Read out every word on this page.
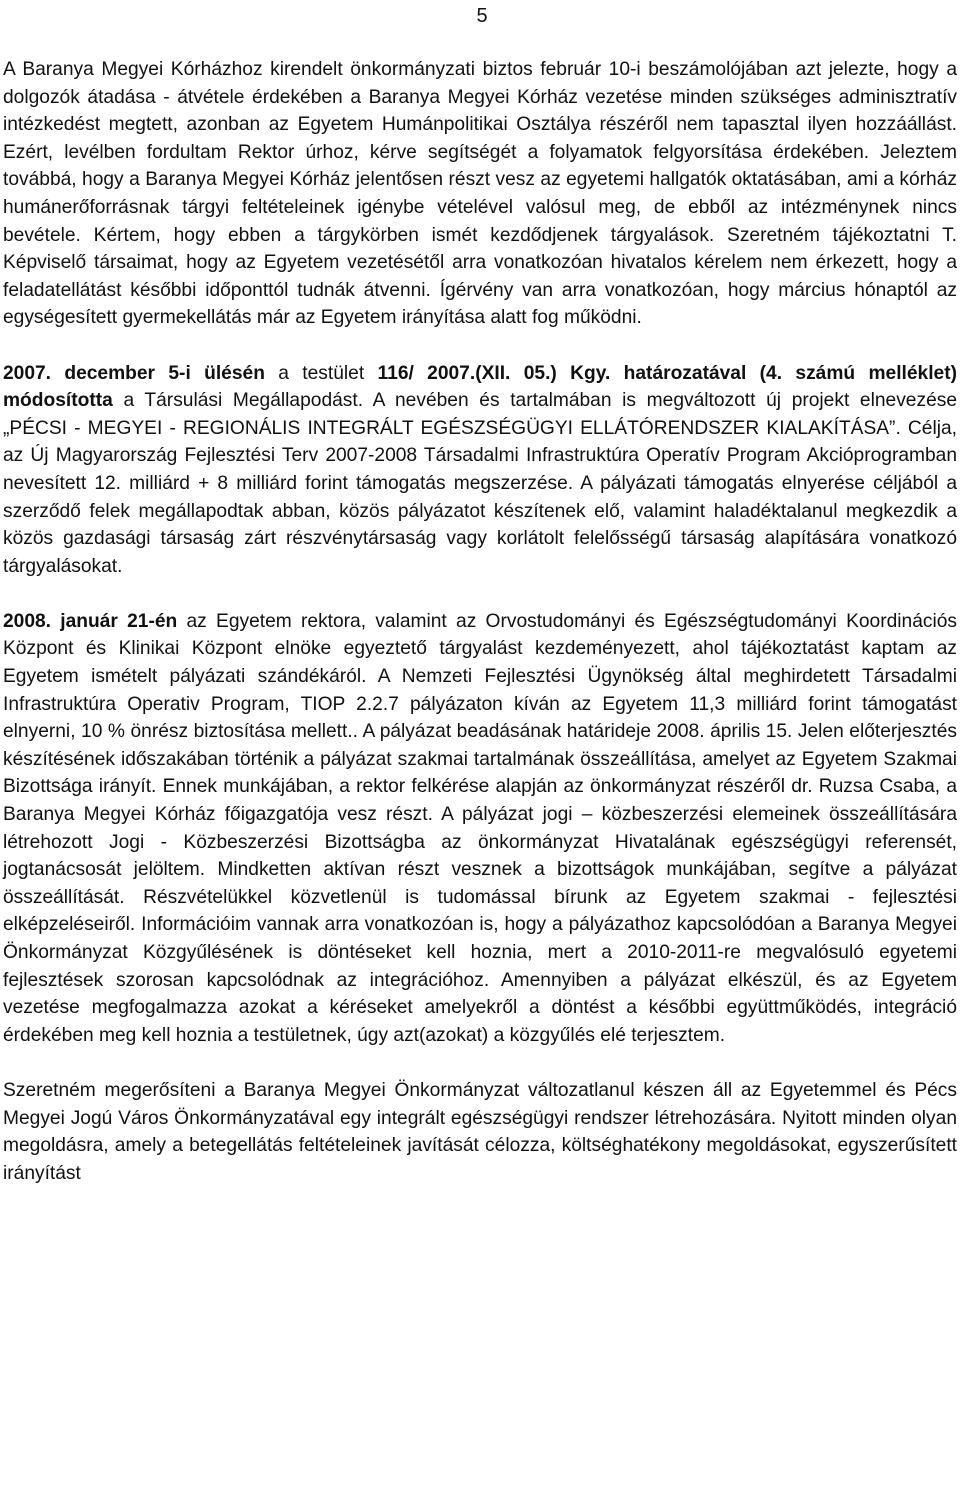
5

A Baranya Megyei Kórházhoz kirendelt önkormányzati biztos február 10-i beszámolójában azt jelezte, hogy a dolgozók átadása - átvétele érdekében a Baranya Megyei Kórház vezetése minden szükséges adminisztratív intézkedést megtett, azonban az Egyetem Humánpolitikai Osztálya részéről nem tapasztal ilyen hozzáállást. Ezért, levélben fordultam Rektor úrhoz, kérve segítségét a folyamatok felgyorsítása érdekében. Jeleztem továbbá, hogy a Baranya Megyei Kórház jelentősen részt vesz az egyetemi hallgatók oktatásában, ami a kórház humánerőforrásnak tárgyi feltételeinek igénybe vételével valósul meg, de ebből az intézménynek nincs bevétele. Kértem, hogy ebben a tárgykörben ismét kezdődjenek tárgyalások. Szeretném tájékoztatni T. Képviselő társaimat, hogy az Egyetem vezetésétől arra vonatkozóan hivatalos kérelem nem érkezett, hogy a feladatellátást későbbi időponttól tudnák átvenni. Ígérvény van arra vonatkozóan, hogy március hónaptól az egységesített gyermekellátás már az Egyetem irányítása alatt fog működni.

2007. december 5-i ülésén a testület 116/ 2007.(XII. 05.) Kgy. határozatával (4. számú melléklet) módosította a Társulási Megállapodást. A nevében és tartalmában is megváltozott új projekt elnevezése „PÉCSI - MEGYEI - REGIONÁLIS INTEGRÁLT EGÉSZSÉGÜGYI ELLÁTÓRENDSZER KIALAKÍTÁSA”. Célja, az Új Magyarország Fejlesztési Terv 2007-2008 Társadalmi Infrastruktúra Operatív Program Akcióprogramban nevesített 12. milliárd + 8 milliárd forint támogatás megszerzése. A pályázati támogatás elnyerése céljából a szerződő felek megállapodtak abban, közös pályázatot készítenek elő, valamint haladéktalanul megkezdik a közös gazdasági társaság zárt részvénytársaság vagy korlátolt felelősségű társaság alapítására vonatkozó tárgyalásokat.

2008. január 21-én az Egyetem rektora, valamint az Orvostudományi és Egészségtudományi Koordinációs Központ és Klinikai Központ elnöke egyeztető tárgyalást kezdeményezett, ahol tájékoztatást kaptam az Egyetem ismételt pályázati szándékáról. A Nemzeti Fejlesztési Ügynökség által meghirdetett Társadalmi Infrastruktúra Operativ Program, TIOP 2.2.7 pályázaton kíván az Egyetem 11,3 milliárd forint támogatást elnyerni, 10 % önrész biztosítása mellett.. A pályázat beadásának határideje 2008. április 15. Jelen előterjesztés készítésének időszakában történik a pályázat szakmai tartalmának összeállítása, amelyet az Egyetem Szakmai Bizottsága irányít. Ennek munkájában, a rektor felkérése alapján az önkormányzat részéről dr. Ruzsa Csaba, a Baranya Megyei Kórház főigazgatója vesz részt. A pályázat jogi – közbeszerzési elemeinek összeállítására létrehozott Jogi - Közbeszerzési Bizottságba az önkormányzat Hivatalának egészségügyi referensét, jogtanácsosát jelöltem. Mindketten aktívan részt vesznek a bizottságok munkájában, segítve a pályázat összeállítását. Részvételükkel közvetlenül is tudomással bírunk az Egyetem szakmai - fejlesztési elképzeléseiről. Információim vannak arra vonatkozóan is, hogy a pályázathoz kapcsolódóan a Baranya Megyei Önkormányzat Közgyűlésének is döntéseket kell hoznia, mert a 2010-2011-re megvalósuló egyetemi fejlesztések szorosan kapcsolódnak az integrációhoz. Amennyiben a pályázat elkészül, és az Egyetem vezetése megfogalmazza azokat a kéréseket amelyekről a döntést a későbbi együttműködés, integráció érdekében meg kell hoznia a testületnek, úgy azt(azokat) a közgyűlés elé terjesztem.

Szeretném megerősíteni a Baranya Megyei Önkormányzat változatlanul készen áll az Egyetemmel és Pécs Megyei Jogú Város Önkormányzatával egy integrált egészségügyi rendszer létrehozására. Nyitott minden olyan megoldásra, amely a betegellátás feltételeinek javítását célozza, költséghatékony megoldásokat, egyszerűsített irányítást
